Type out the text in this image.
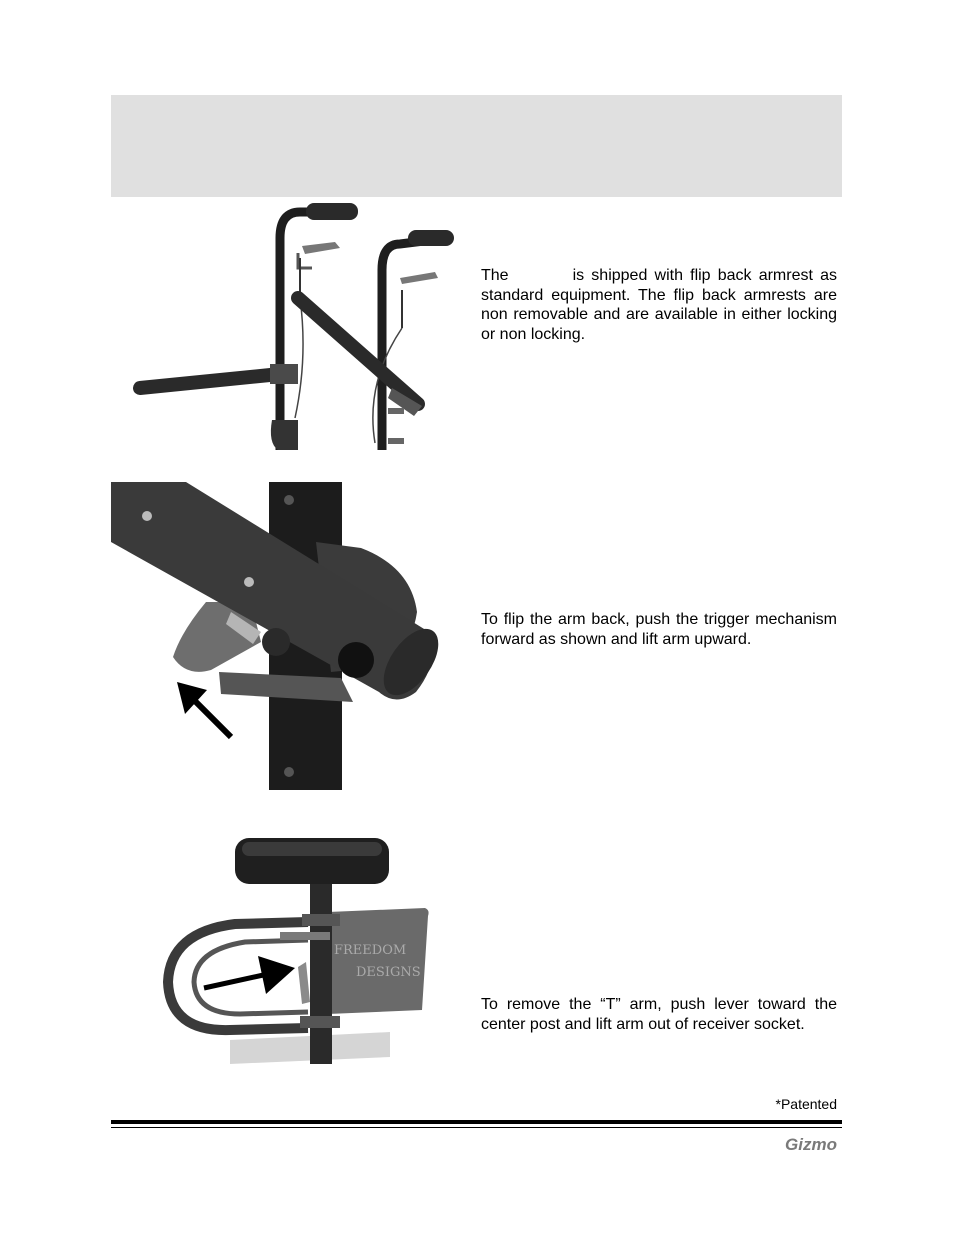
The	is shipped with flip back armrest as standard equipment. The flip back armrests are non removable and are available in either locking or non locking.
To flip the arm back, push the trigger mechanism forward as shown and lift arm upward.
FREEDOM
DESIGNS
To remove the “T” arm, push lever toward the center post and lift arm out of receiver socket.
*Patented
Gizmo
